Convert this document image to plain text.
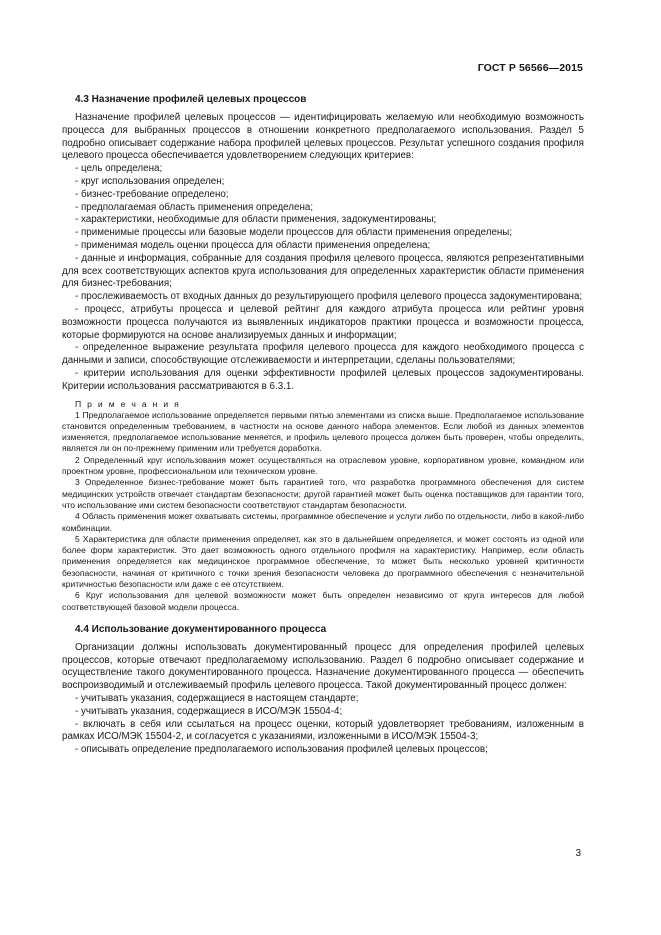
ГОСТ Р 56566—2015
4.3 Назначение профилей целевых процессов

Назначение профилей целевых процессов — идентифицировать желаемую или необходимую возможность процесса для выбранных процессов в отношении конкретного предполагаемого использования. Раздел 5 подробно описывает содержание набора профилей целевых процессов. Результат успешного создания профиля целевого процесса обеспечивается удовлетворением следующих критериев:

- цель определена;

- круг использования определен;

- бизнес-требование определено;

- предполагаемая область применения определена;

- характеристики, необходимые для области применения, задокументированы;

- применимые процессы или базовые модели процессов для области применения определены;

- применимая модель оценки процесса для области применения определена;

- данные и информация, собранные для создания профиля целевого процесса, являются репрезентативными для всех соответствующих аспектов круга использования для определенных характеристик области применения для бизнес-требования;

- прослеживаемость от входных данных до результирующего профиля целевого процесса задокументирована;

- процесс, атрибуты процесса и целевой рейтинг для каждого атрибута процесса или рейтинг уровня возможности процесса получаются из выявленных индикаторов практики процесса и возможности процесса, которые формируются на основе анализируемых данных и информации;

- определенное выражение результата профиля целевого процесса для каждого необходимого процесса с данными и записи, способствующие отслеживаемости и интерпретации, сделаны пользователями;

- критерии использования для оценки эффективности профилей целевых процессов задокументированы. Критерии использования рассматриваются в 6.3.1.

П р и м е ч а н и я

1 Предполагаемое использование определяется первыми пятью элементами из списка выше. Предполагаемое использование становится определенным требованием, в частности на основе данного набора элементов. Если любой из данных элементов изменяется, предполагаемое использование меняется, и профиль целевого процесса должен быть проверен, чтобы определить, является ли он по-прежнему применим или требуется доработка.

2 Определенный круг использования может осуществляться на отраслевом уровне, корпоративном уровне, командном или проектном уровне, профессиональном или техническом уровне.

3 Определенное бизнес-требование может быть гарантией того, что разработка программного обеспечения для систем медицинских устройств отвечает стандартам безопасности; другой гарантией может быть оценка поставщиков для гарантии того, что использование ими систем безопасности соответствуют стандартам безопасности.

4 Область применения может охватывать системы, программное обеспечение и услуги либо по отдельности, либо в какой-либо комбинации.

5 Характеристика для области применения определяет, как это в дальнейшем определяется, и может состоять из одной или более форм характеристик. Это дает возможность одного отдельного профиля на характеристику. Например, если область применения определяется как медицинское программное обеспечение, то может быть несколько уровней критичности безопасности, начиная от критичного с точки зрения безопасности человека до программного обеспечения с незначительной критичностью безопасности или даже с ее отсутствием.

6 Круг использования для целевой возможности может быть определен независимо от круга интересов для любой соответствующей базовой модели процесса.

4.4 Использование документированного процесса

Организации должны использовать документированный процесс для определения профилей целевых процессов, которые отвечают предполагаемому использованию. Раздел 6 подробно описывает содержание и осуществление такого документированного процесса. Назначение документированного процесса — обеспечить воспроизводимый и отслеживаемый профиль целевого процесса. Такой документированный процесс должен:

- учитывать указания, содержащиеся в настоящем стандарте;

- учитывать указания, содержащиеся в ИСО/МЭК 15504-4;

- включать в себя или ссылаться на процесс оценки, который удовлетворяет требованиям, изложенным в рамках ИСО/МЭК 15504-2, и согласуется с указаниями, изложенными в ИСО/МЭК 15504-3;

- описывать определение предполагаемого использования профилей целевых процессов;

3
